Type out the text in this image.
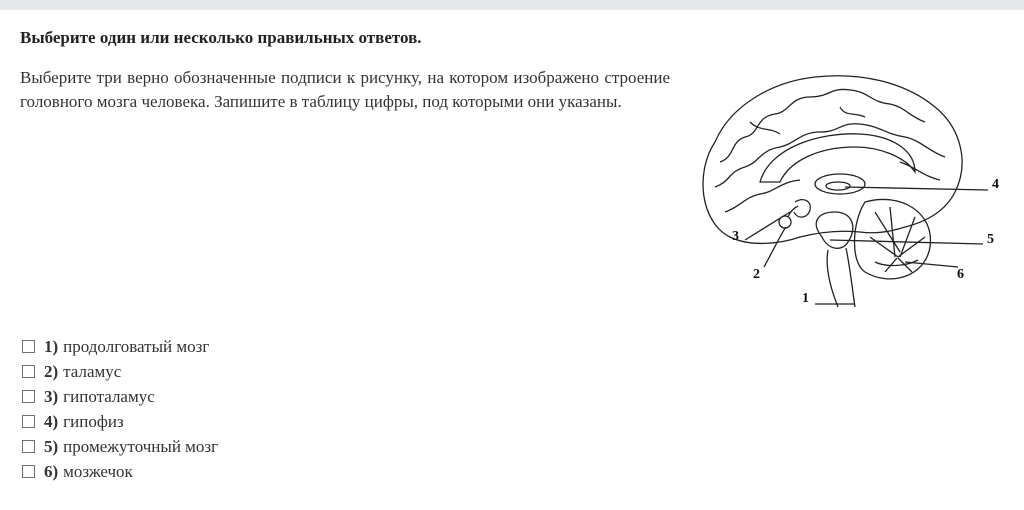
Выберите один или несколько правильных ответов.
Выберите три верно обозначенные подписи к рисунку, на котором изображено строение головного мозга человека. Запишите в таблицу цифры, под которыми они указаны.
1
2
3
4
5
6
1) продолговатый мозг
2) таламус
3) гипоталамус
4) гипофиз
5) промежуточный мозг
6) мозжечок
